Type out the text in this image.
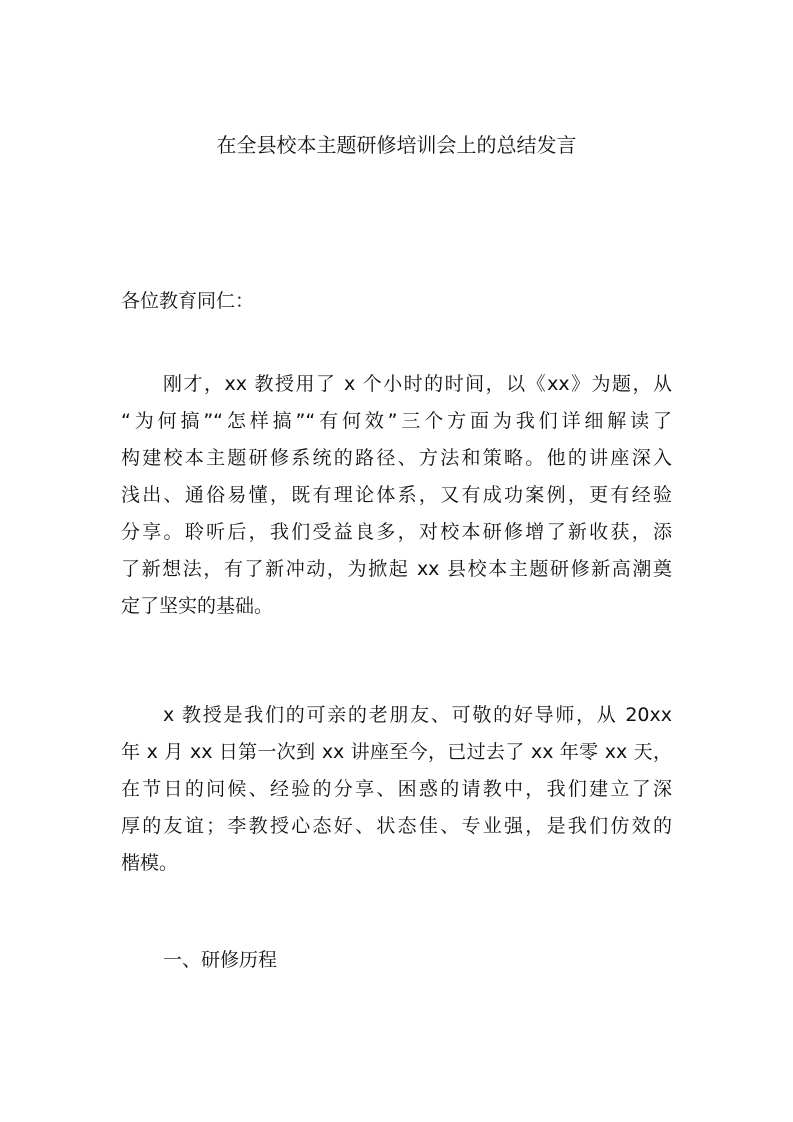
在全县校本主题研修培训会上的总结发言
各位教育同仁：
刚才，xx 教授用了 x 个小时的时间，以《xx》为题，从
“为何搞”“怎样搞”“有何效”三个方面为我们详细解读了
构建校本主题研修系统的路径、方法和策略。他的讲座深入
浅出、通俗易懂，既有理论体系，又有成功案例，更有经验
分享。聆听后，我们受益良多，对校本研修增了新收获，添
了新想法，有了新冲动，为掀起 xx 县校本主题研修新高潮奠
定了坚实的基础。
x 教授是我们的可亲的老朋友、可敬的好导师，从 20xx
年 x 月 xx 日第一次到 xx 讲座至今，已过去了 xx 年零 xx 天，
在节日的问候、经验的分享、困惑的请教中，我们建立了深
厚的友谊；李教授心态好、状态佳、专业强，是我们仿效的
楷模。
一、研修历程
